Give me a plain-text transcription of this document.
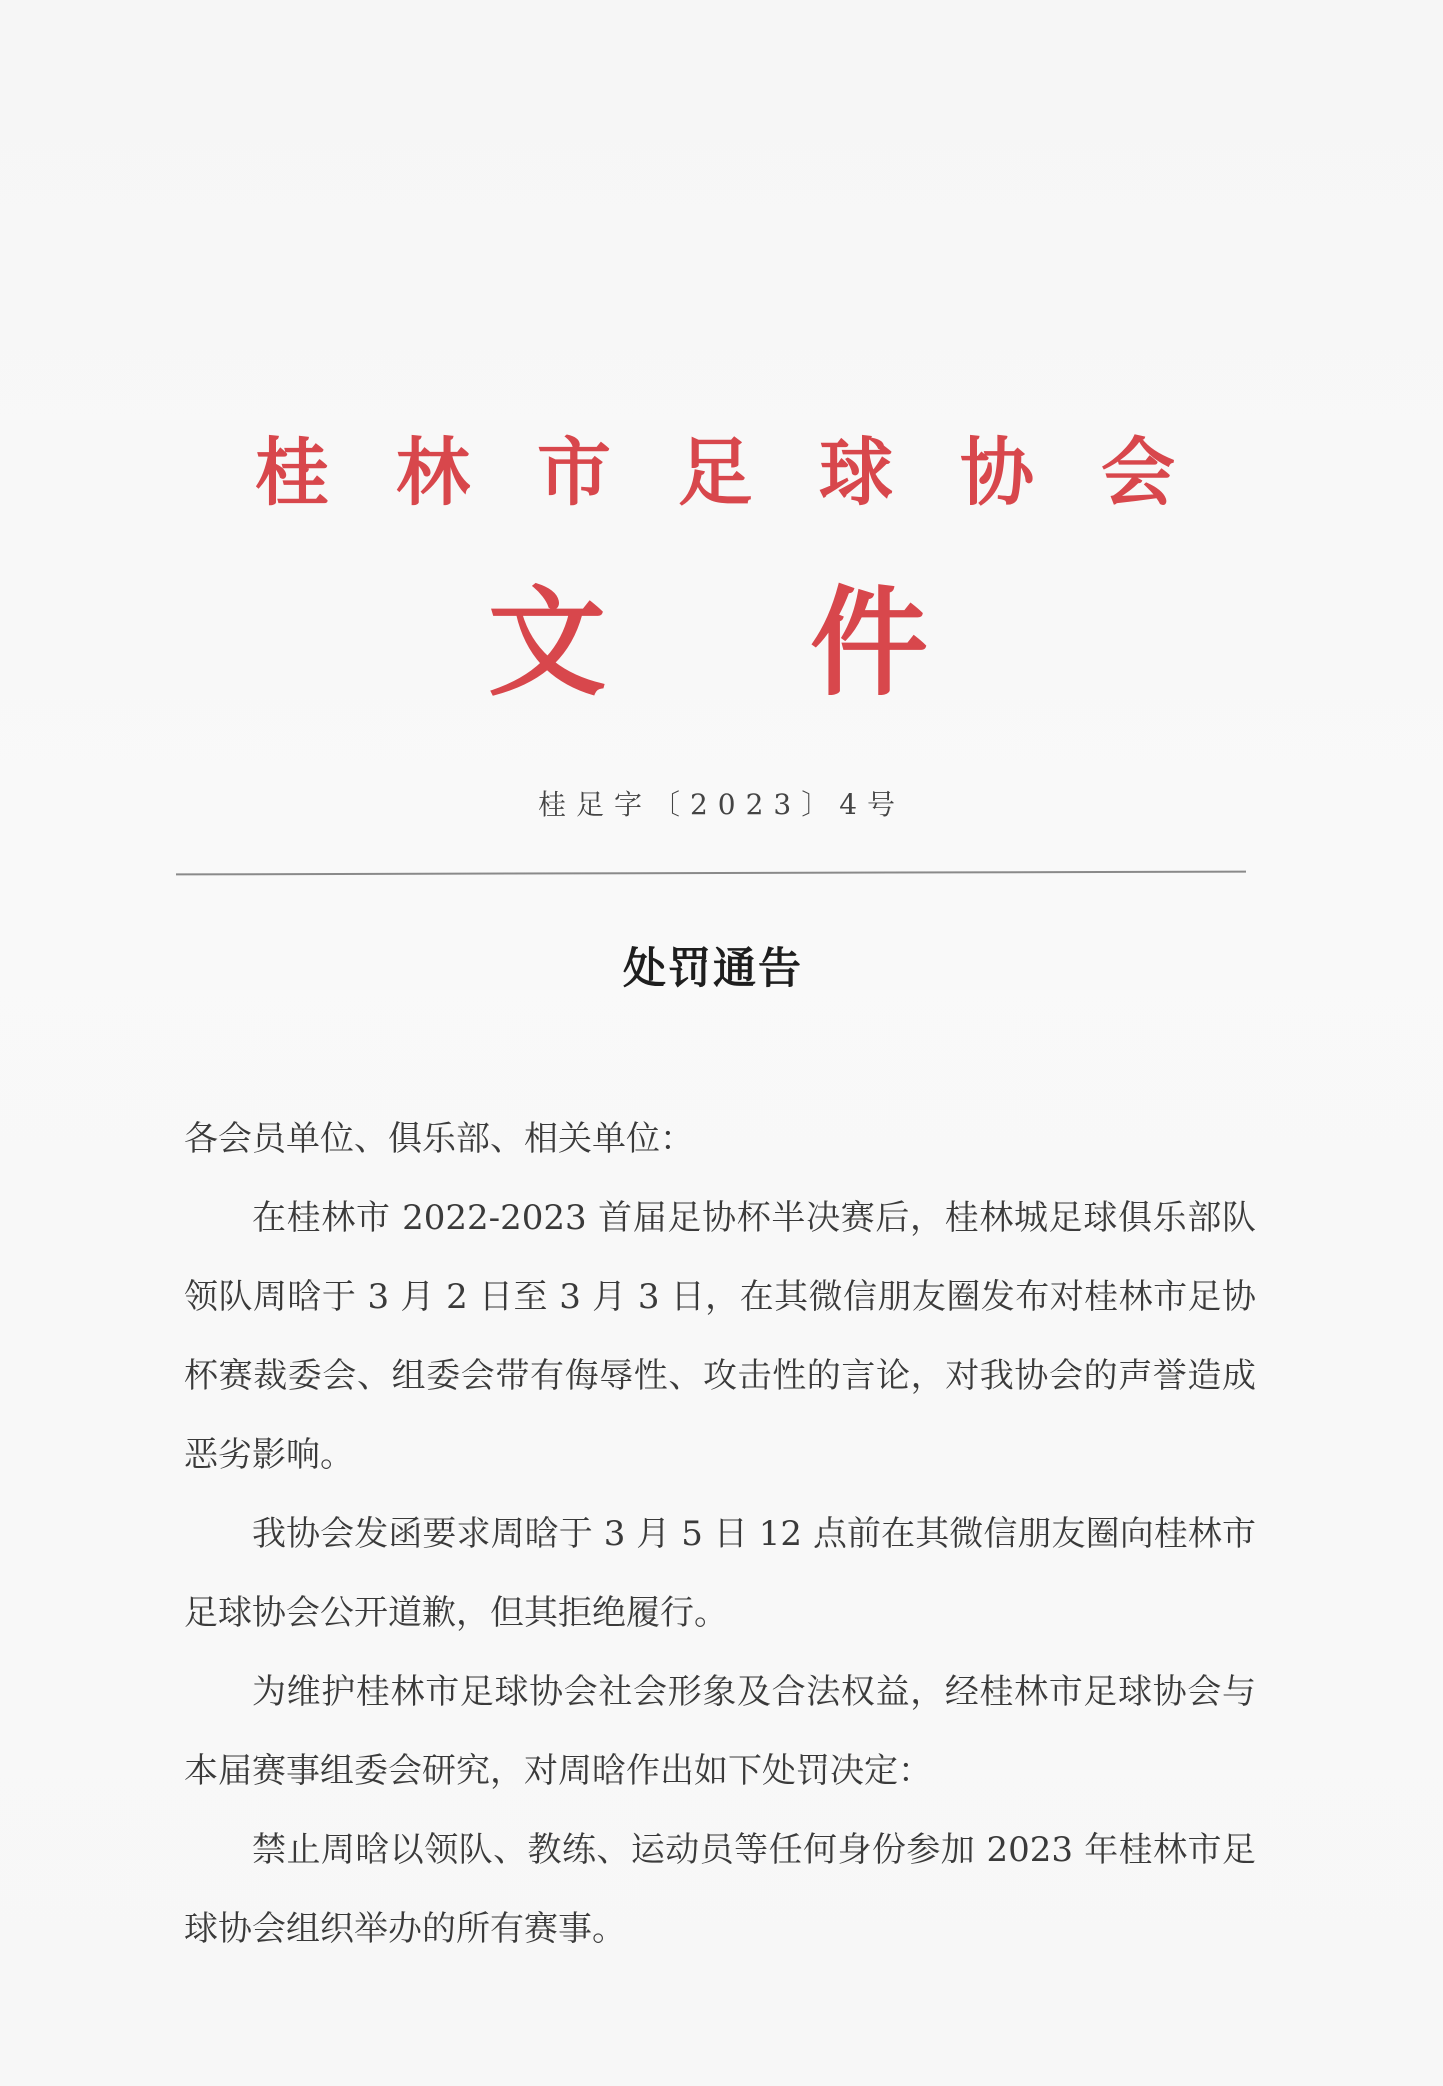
桂 林 市 足 球 协 会
文 件
桂足字〔2023〕4号
处罚通告

各会员单位、俱乐部、相关单位：

在桂林市 2022-2023 首届足协杯半决赛后，桂林城足球俱乐部队领队周晗于 3 月 2 日至 3 月 3 日，在其微信朋友圈发布对桂林市足协杯赛裁委会、组委会带有侮辱性、攻击性的言论，对我协会的声誉造成恶劣影响。

我协会发函要求周晗于 3 月 5 日 12 点前在其微信朋友圈向桂林市足球协会公开道歉，但其拒绝履行。

为维护桂林市足球协会社会形象及合法权益，经桂林市足球协会与本届赛事组委会研究，对周晗作出如下处罚决定：

禁止周晗以领队、教练、运动员等任何身份参加 2023 年桂林市足球协会组织举办的所有赛事。
